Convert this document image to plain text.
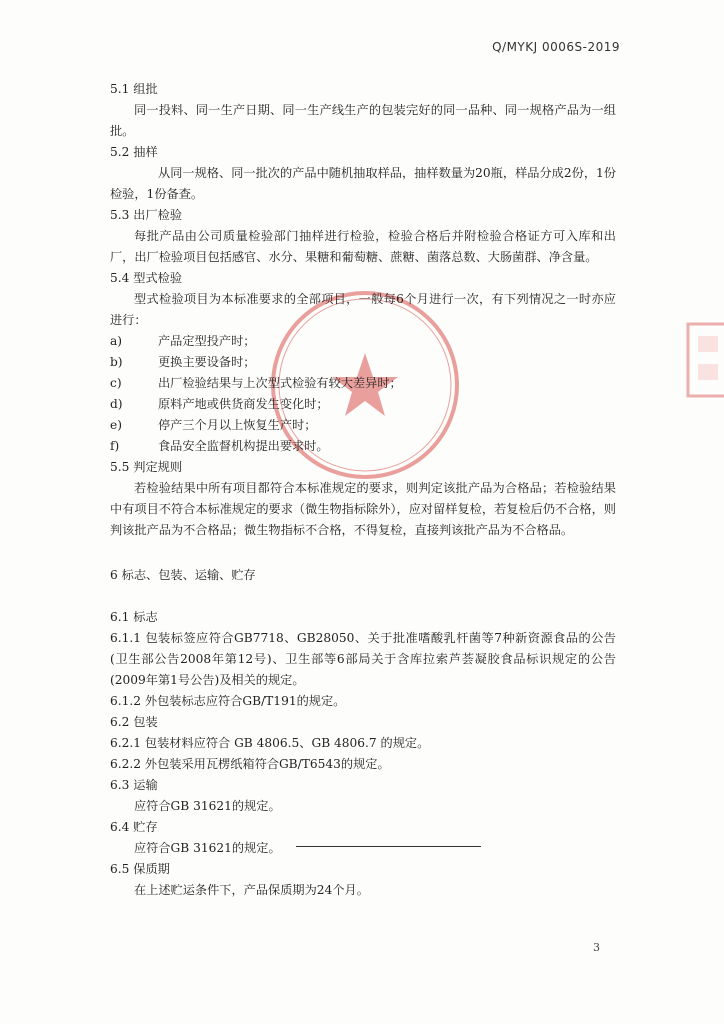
Q/MYKJ 0006S-2019

5.1 组批

同一投料、同一生产日期、同一生产线生产的包装完好的同一品种、同一规格产品为一组批。

5.2 抽样

从同一规格、同一批次的产品中随机抽取样品，抽样数量为20瓶，样品分成2份，1份检验，1份备查。

5.3 出厂检验

每批产品由公司质量检验部门抽样进行检验，检验合格后并附检验合格证方可入库和出厂，出厂检验项目包括感官、水分、果糖和葡萄糖、蔗糖、菌落总数、大肠菌群、净含量。

5.4 型式检验

型式检验项目为本标准要求的全部项目，一般每6个月进行一次，有下列情况之一时亦应进行：

a)	产品定型投产时；
b)	更换主要设备时；
c)	出厂检验结果与上次型式检验有较大差异时；
d)	原料产地或供货商发生变化时；
e)	停产三个月以上恢复生产时；
f)	食品安全监督机构提出要求时。

5.5 判定规则

若检验结果中所有项目都符合本标准规定的要求，则判定该批产品为合格品；若检验结果中有项目不符合本标准规定的要求（微生物指标除外），应对留样复检，若复检后仍不合格，则判该批产品为不合格品；微生物指标不合格，不得复检，直接判该批产品为不合格品。

6 标志、包装、运输、贮存

6.1 标志

6.1.1 包装标签应符合GB7718、GB28050、关于批准嗜酸乳杆菌等7种新资源食品的公告(卫生部公告2008年第12号)、卫生部等6部局关于含库拉索芦荟凝胶食品标识规定的公告(2009年第1号公告)及相关的规定。

6.1.2 外包装标志应符合GB/T191的规定。

6.2 包装

6.2.1 包装材料应符合 GB 4806.5、GB 4806.7 的规定。

6.2.2 外包装采用瓦楞纸箱符合GB/T6543的规定。

6.3 运输

应符合GB 31621的规定。

6.4 贮存

应符合GB 31621的规定。

6.5 保质期

在上述贮运条件下，产品保质期为24个月。

3
